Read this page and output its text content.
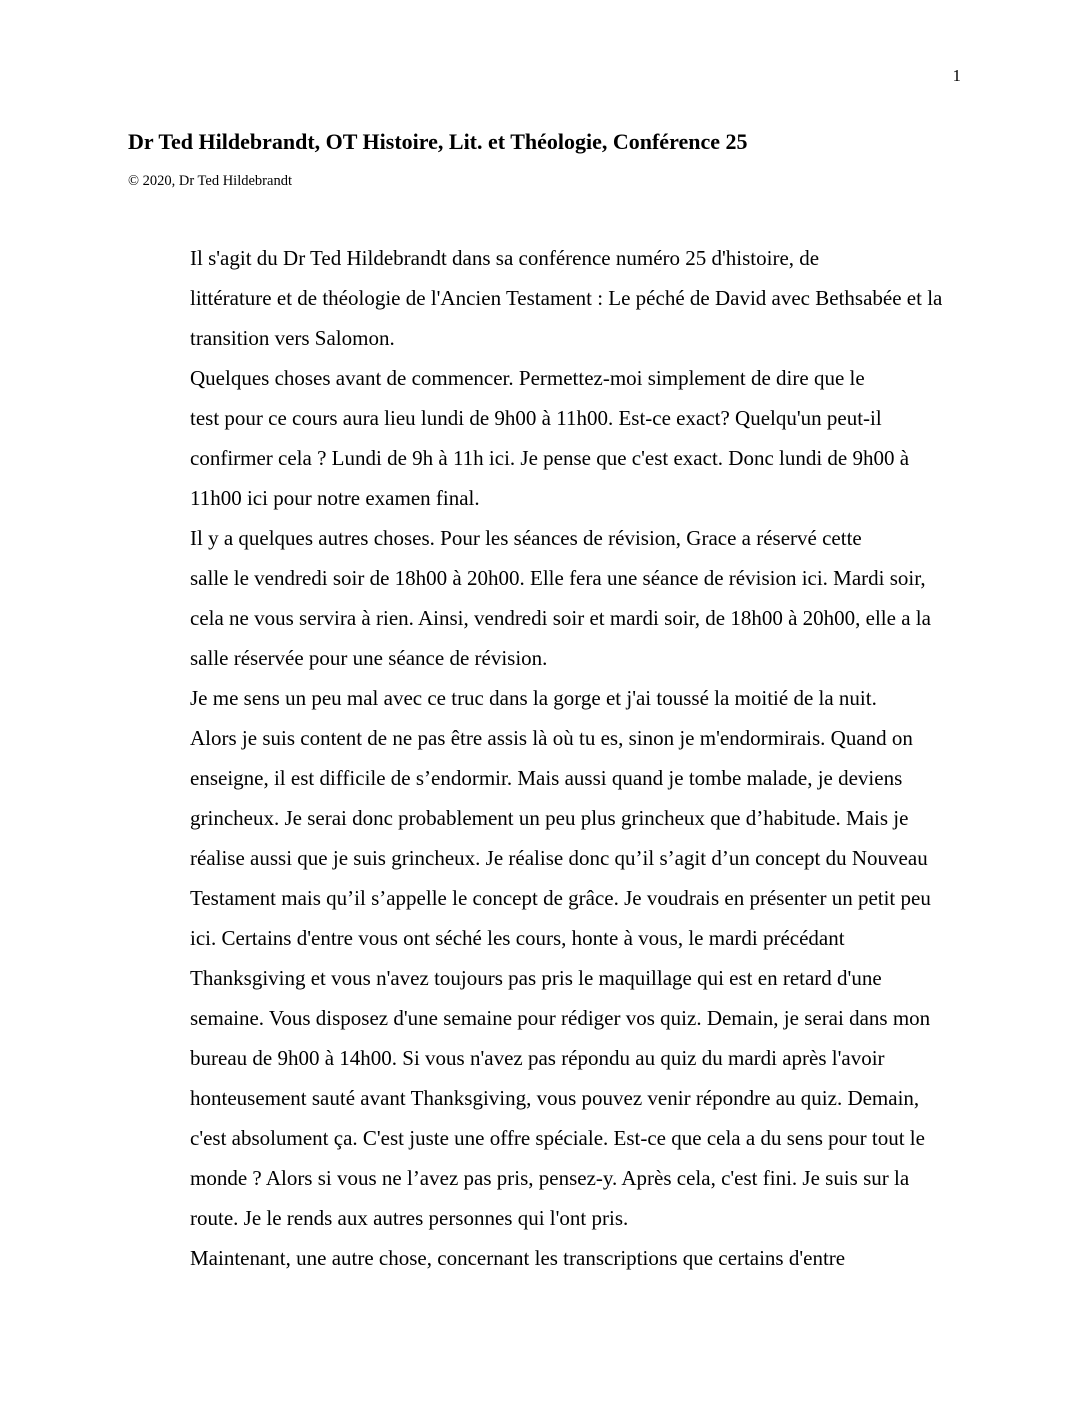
1
Dr Ted Hildebrandt, OT Histoire, Lit. et Théologie, Conférence 25
© 2020, Dr Ted Hildebrandt

Il s'agit du Dr Ted Hildebrandt dans sa conférence numéro 25 d'histoire, de
littérature et de théologie de l'Ancien Testament : Le péché de David avec Bethsabée et la
transition vers Salomon.

Quelques choses avant de commencer. Permettez-moi simplement de dire que le
test pour ce cours aura lieu lundi de 9h00 à 11h00. Est-ce exact? Quelqu'un peut-il
confirmer cela ? Lundi de 9h à 11h ici. Je pense que c'est exact. Donc lundi de 9h00 à
11h00 ici pour notre examen final.

Il y a quelques autres choses. Pour les séances de révision, Grace a réservé cette
salle le vendredi soir de 18h00 à 20h00. Elle fera une séance de révision ici. Mardi soir,
cela ne vous servira à rien. Ainsi, vendredi soir et mardi soir, de 18h00 à 20h00, elle a la
salle réservée pour une séance de révision.

Je me sens un peu mal avec ce truc dans la gorge et j'ai toussé la moitié de la nuit.
Alors je suis content de ne pas être assis là où tu es, sinon je m'endormirais. Quand on
enseigne, il est difficile de s’endormir. Mais aussi quand je tombe malade, je deviens
grincheux. Je serai donc probablement un peu plus grincheux que d’habitude. Mais je
réalise aussi que je suis grincheux. Je réalise donc qu’il s’agit d’un concept du Nouveau
Testament mais qu’il s’appelle le concept de grâce. Je voudrais en présenter un petit peu
ici. Certains d'entre vous ont séché les cours, honte à vous, le mardi précédant
Thanksgiving et vous n'avez toujours pas pris le maquillage qui est en retard d'une
semaine. Vous disposez d'une semaine pour rédiger vos quiz. Demain, je serai dans mon
bureau de 9h00 à 14h00. Si vous n'avez pas répondu au quiz du mardi après l'avoir
honteusement sauté avant Thanksgiving, vous pouvez venir répondre au quiz. Demain,
c'est absolument ça. C'est juste une offre spéciale. Est-ce que cela a du sens pour tout le
monde ? Alors si vous ne l’avez pas pris, pensez-y. Après cela, c'est fini. Je suis sur la
route. Je le rends aux autres personnes qui l'ont pris.

Maintenant, une autre chose, concernant les transcriptions que certains d'entre
